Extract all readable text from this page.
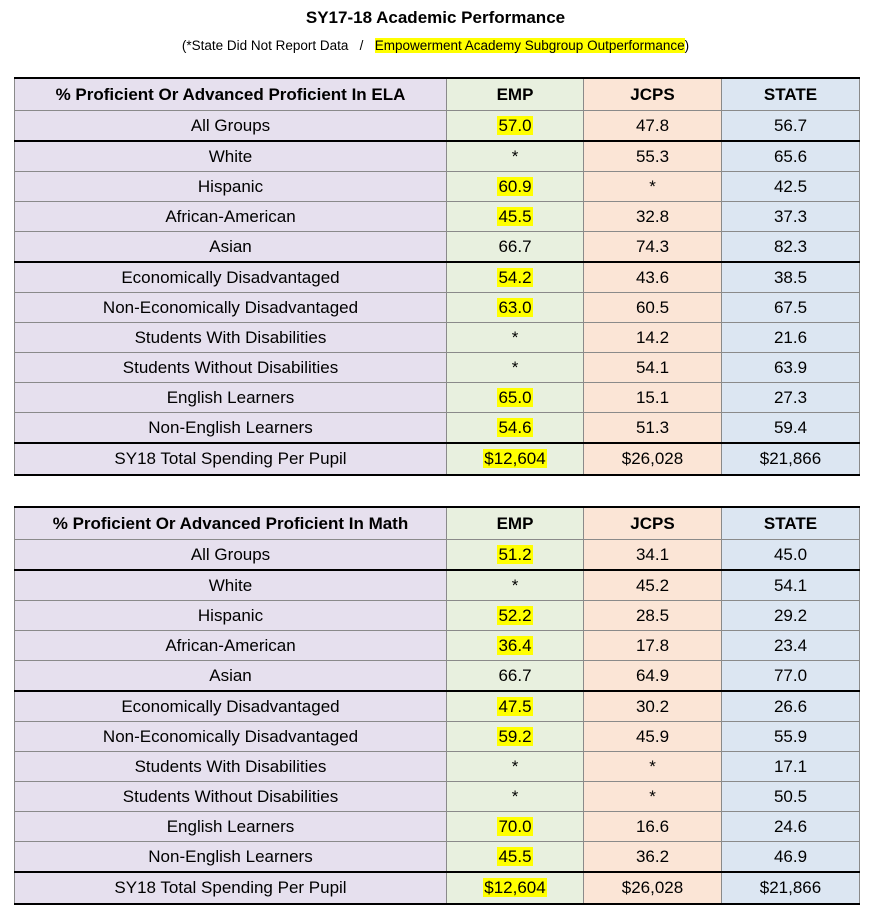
SY17-18 Academic Performance
(*State Did Not Report Data   /   Empowerment Academy Subgroup Outperformance)
% Proficient Or Advanced Proficient In ELA	EMP	JCPS	STATE
All Groups	57.0	47.8	56.7
White	*	55.3	65.6
Hispanic	60.9	*	42.5
African-American	45.5	32.8	37.3
Asian	66.7	74.3	82.3
Economically Disadvantaged	54.2	43.6	38.5
Non-Economically Disadvantaged	63.0	60.5	67.5
Students With Disabilities	*	14.2	21.6
Students Without Disabilities	*	54.1	63.9
English Learners	65.0	15.1	27.3
Non-English Learners	54.6	51.3	59.4
SY18 Total Spending Per Pupil	$12,604	$26,028	$21,866
% Proficient Or Advanced Proficient In Math	EMP	JCPS	STATE
All Groups	51.2	34.1	45.0
White	*	45.2	54.1
Hispanic	52.2	28.5	29.2
African-American	36.4	17.8	23.4
Asian	66.7	64.9	77.0
Economically Disadvantaged	47.5	30.2	26.6
Non-Economically Disadvantaged	59.2	45.9	55.9
Students With Disabilities	*	*	17.1
Students Without Disabilities	*	*	50.5
English Learners	70.0	16.6	24.6
Non-English Learners	45.5	36.2	46.9
SY18 Total Spending Per Pupil	$12,604	$26,028	$21,866
